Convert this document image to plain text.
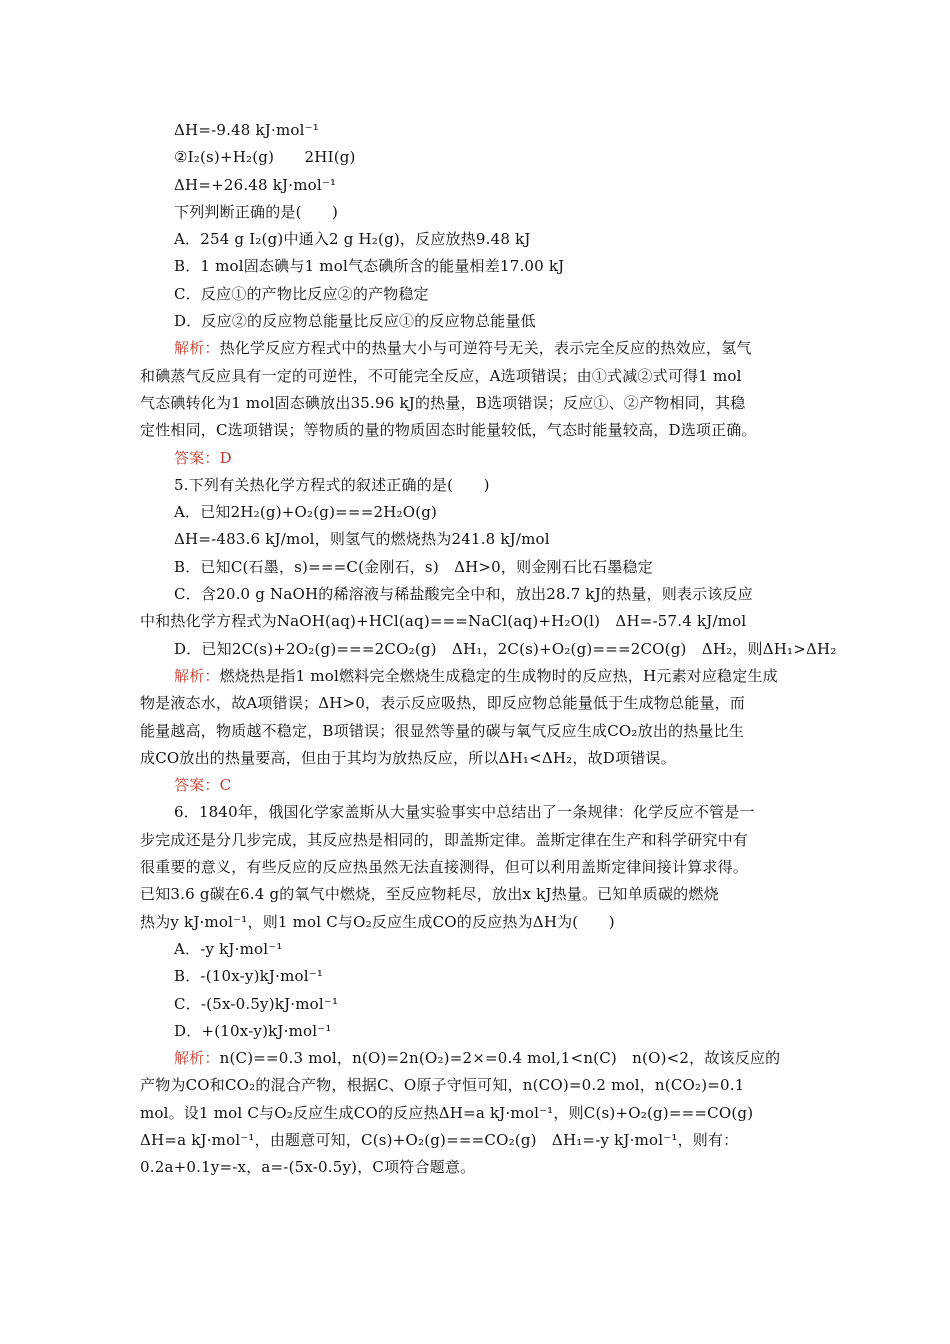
ΔH=-9.48 kJ·mol⁻¹
②I₂(s)+H₂(g)　　2HI(g)
ΔH=+26.48 kJ·mol⁻¹
下列判断正确的是(　　)
A．254 g I₂(g)中通入2 g H₂(g)，反应放热9.48 kJ
B．1 mol固态碘与1 mol气态碘所含的能量相差17.00 kJ
C．反应①的产物比反应②的产物稳定
D．反应②的反应物总能量比反应①的反应物总能量低
解析：热化学反应方程式中的热量大小与可逆符号无关，表示完全反应的热效应，氢气
和碘蒸气反应具有一定的可逆性，不可能完全反应，A选项错误；由①式减②式可得1 mol
气态碘转化为1 mol固态碘放出35.96 kJ的热量，B选项错误；反应①、②产物相同，其稳
定性相同，C选项错误；等物质的量的物质固态时能量较低，气态时能量较高，D选项正确。
答案：D
5.下列有关热化学方程式的叙述正确的是(　　)
A．已知2H₂(g)+O₂(g)===2H₂O(g)
ΔH=-483.6 kJ/mol，则氢气的燃烧热为241.8 kJ/mol
B．已知C(石墨，s)===C(金刚石，s)　ΔH>0，则金刚石比石墨稳定
C．含20.0 g NaOH的稀溶液与稀盐酸完全中和，放出28.7 kJ的热量，则表示该反应
中和热化学方程式为NaOH(aq)+HCl(aq)===NaCl(aq)+H₂O(l)　ΔH=-57.4 kJ/mol
D．已知2C(s)+2O₂(g)===2CO₂(g)　ΔH₁，2C(s)+O₂(g)===2CO(g)　ΔH₂，则ΔH₁>ΔH₂
解析：燃烧热是指1 mol燃料完全燃烧生成稳定的生成物时的反应热，H元素对应稳定生成
物是液态水，故A项错误；ΔH>0，表示反应吸热，即反应物总能量低于生成物总能量，而
能量越高，物质越不稳定，B项错误；很显然等量的碳与氧气反应生成CO₂放出的热量比生
成CO放出的热量要高，但由于其均为放热反应，所以ΔH₁<ΔH₂，故D项错误。
答案：C
6．1840年，俄国化学家盖斯从大量实验事实中总结出了一条规律：化学反应不管是一
步完成还是分几步完成，其反应热是相同的，即盖斯定律。盖斯定律在生产和科学研究中有
很重要的意义，有些反应的反应热虽然无法直接测得，但可以利用盖斯定律间接计算求得。
已知3.6 g碳在6.4 g的氧气中燃烧，至反应物耗尽，放出x kJ热量。已知单质碳的燃烧
热为y kJ·mol⁻¹，则1 mol C与O₂反应生成CO的反应热为ΔH为(　　)
A．-y kJ·mol⁻¹
B．-(10x-y)kJ·mol⁻¹
C．-(5x-0.5y)kJ·mol⁻¹
D．+(10x-y)kJ·mol⁻¹
解析：n(C)==0.3 mol，n(O)=2n(O₂)=2×=0.4 mol,1<n(C)　n(O)<2，故该反应的
产物为CO和CO₂的混合产物，根据C、O原子守恒可知，n(CO)=0.2 mol，n(CO₂)=0.1
mol。设1 mol C与O₂反应生成CO的反应热ΔH=a kJ·mol⁻¹，则C(s)+O₂(g)===CO(g)
ΔH=a kJ·mol⁻¹，由题意可知，C(s)+O₂(g)===CO₂(g)　ΔH₁=-y kJ·mol⁻¹，则有：
0.2a+0.1y=-x，a=-(5x-0.5y)，C项符合题意。
